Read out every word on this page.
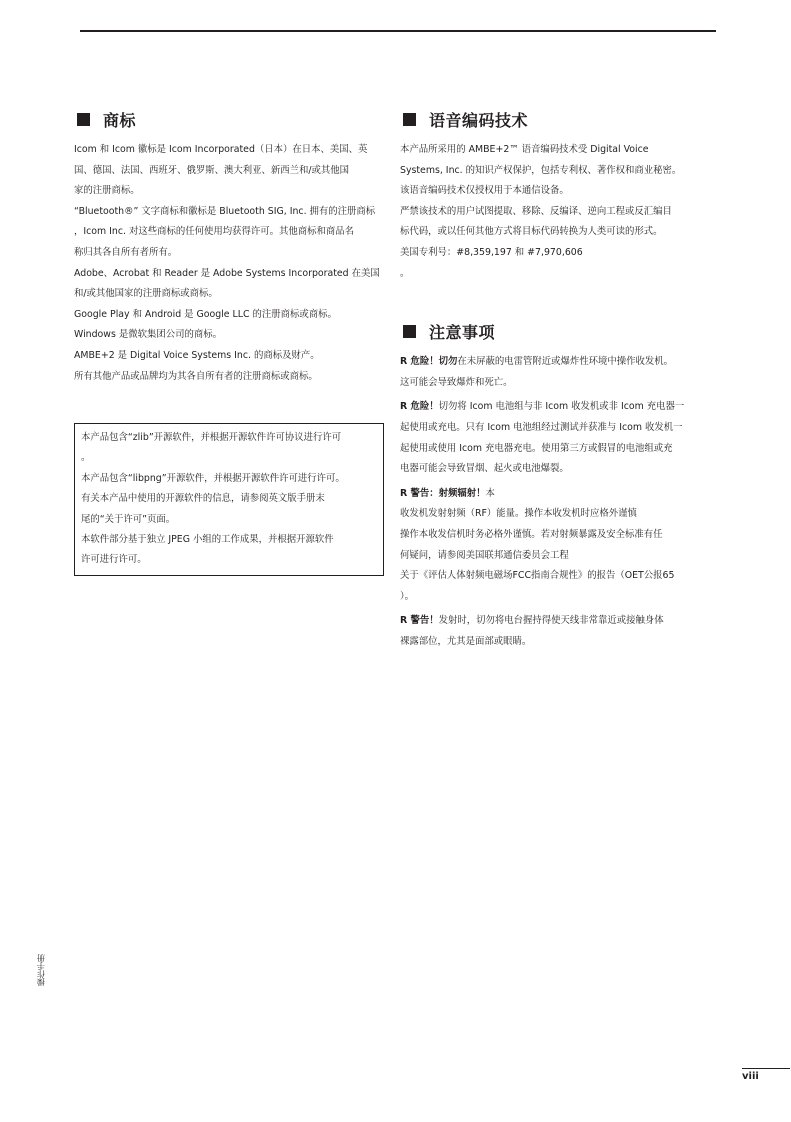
商标
Icom 和 Icom 徽标是 Icom Incorporated（日本）在日本、美国、英
国、德国、法国、西班牙、俄罗斯、澳大利亚、新西兰和/或其他国
家的注册商标。
“Bluetooth®” 文字商标和徽标是 Bluetooth SIG, Inc. 拥有的注册商标
，Icom Inc. 对这些商标的任何使用均获得许可。其他商标和商品名
称归其各自所有者所有。
Adobe、Acrobat 和 Reader 是 Adobe Systems Incorporated 在美国
和/或其他国家的注册商标或商标。
Google Play 和 Android 是 Google LLC 的注册商标或商标。
Windows 是微软集团公司的商标。
AMBE+2 是 Digital Voice Systems Inc. 的商标及财产。
所有其他产品或品牌均为其各自所有者的注册商标或商标。
本产品包含“zlib”开源软件，并根据开源软件许可协议进行许可
。
本产品包含“libpng”开源软件，并根据开源软件许可进行许可。
有关本产品中使用的开源软件的信息，请参阅英文版手册末
尾的“关于许可”页面。
本软件部分基于独立 JPEG 小组的工作成果，并根据开源软件
许可进行许可。
语音编码技术
本产品所采用的 AMBE+2™ 语音编码技术受 Digital Voice
Systems, Inc. 的知识产权保护，包括专利权、著作权和商业秘密。
该语音编码技术仅授权用于本通信设备。
严禁该技术的用户试图提取、移除、反编译、逆向工程或反汇编目
标代码，或以任何其他方式将目标代码转换为人类可读的形式。
美国专利号：#8,359,197 和 #7,970,606
。
注意事项
R 危险！切勿在未屏蔽的电雷管附近或爆炸性环境中操作收发机。
这可能会导致爆炸和死亡。
R 危险！切勿将 Icom 电池组与非 Icom 收发机或非 Icom 充电器一
起使用或充电。只有 Icom 电池组经过测试并获准与 Icom 收发机一
起使用或使用 Icom 充电器充电。使用第三方或假冒的电池组或充
电器可能会导致冒烟、起火或电池爆裂。
R 警告：射频辐射！本
收发机发射射频（RF）能量。操作本收发机时应格外谨慎
操作本收发信机时务必格外谨慎。若对射频暴露及安全标准有任
何疑问，请参阅美国联邦通信委员会工程
关于《评估人体射频电磁场FCC指南合规性》的报告（OET公报65
）。
R 警告！发射时，切勿将电台握持得使天线非常靠近或接触身体
裸露部位，尤其是面部或眼睛。
操作手册
viii
